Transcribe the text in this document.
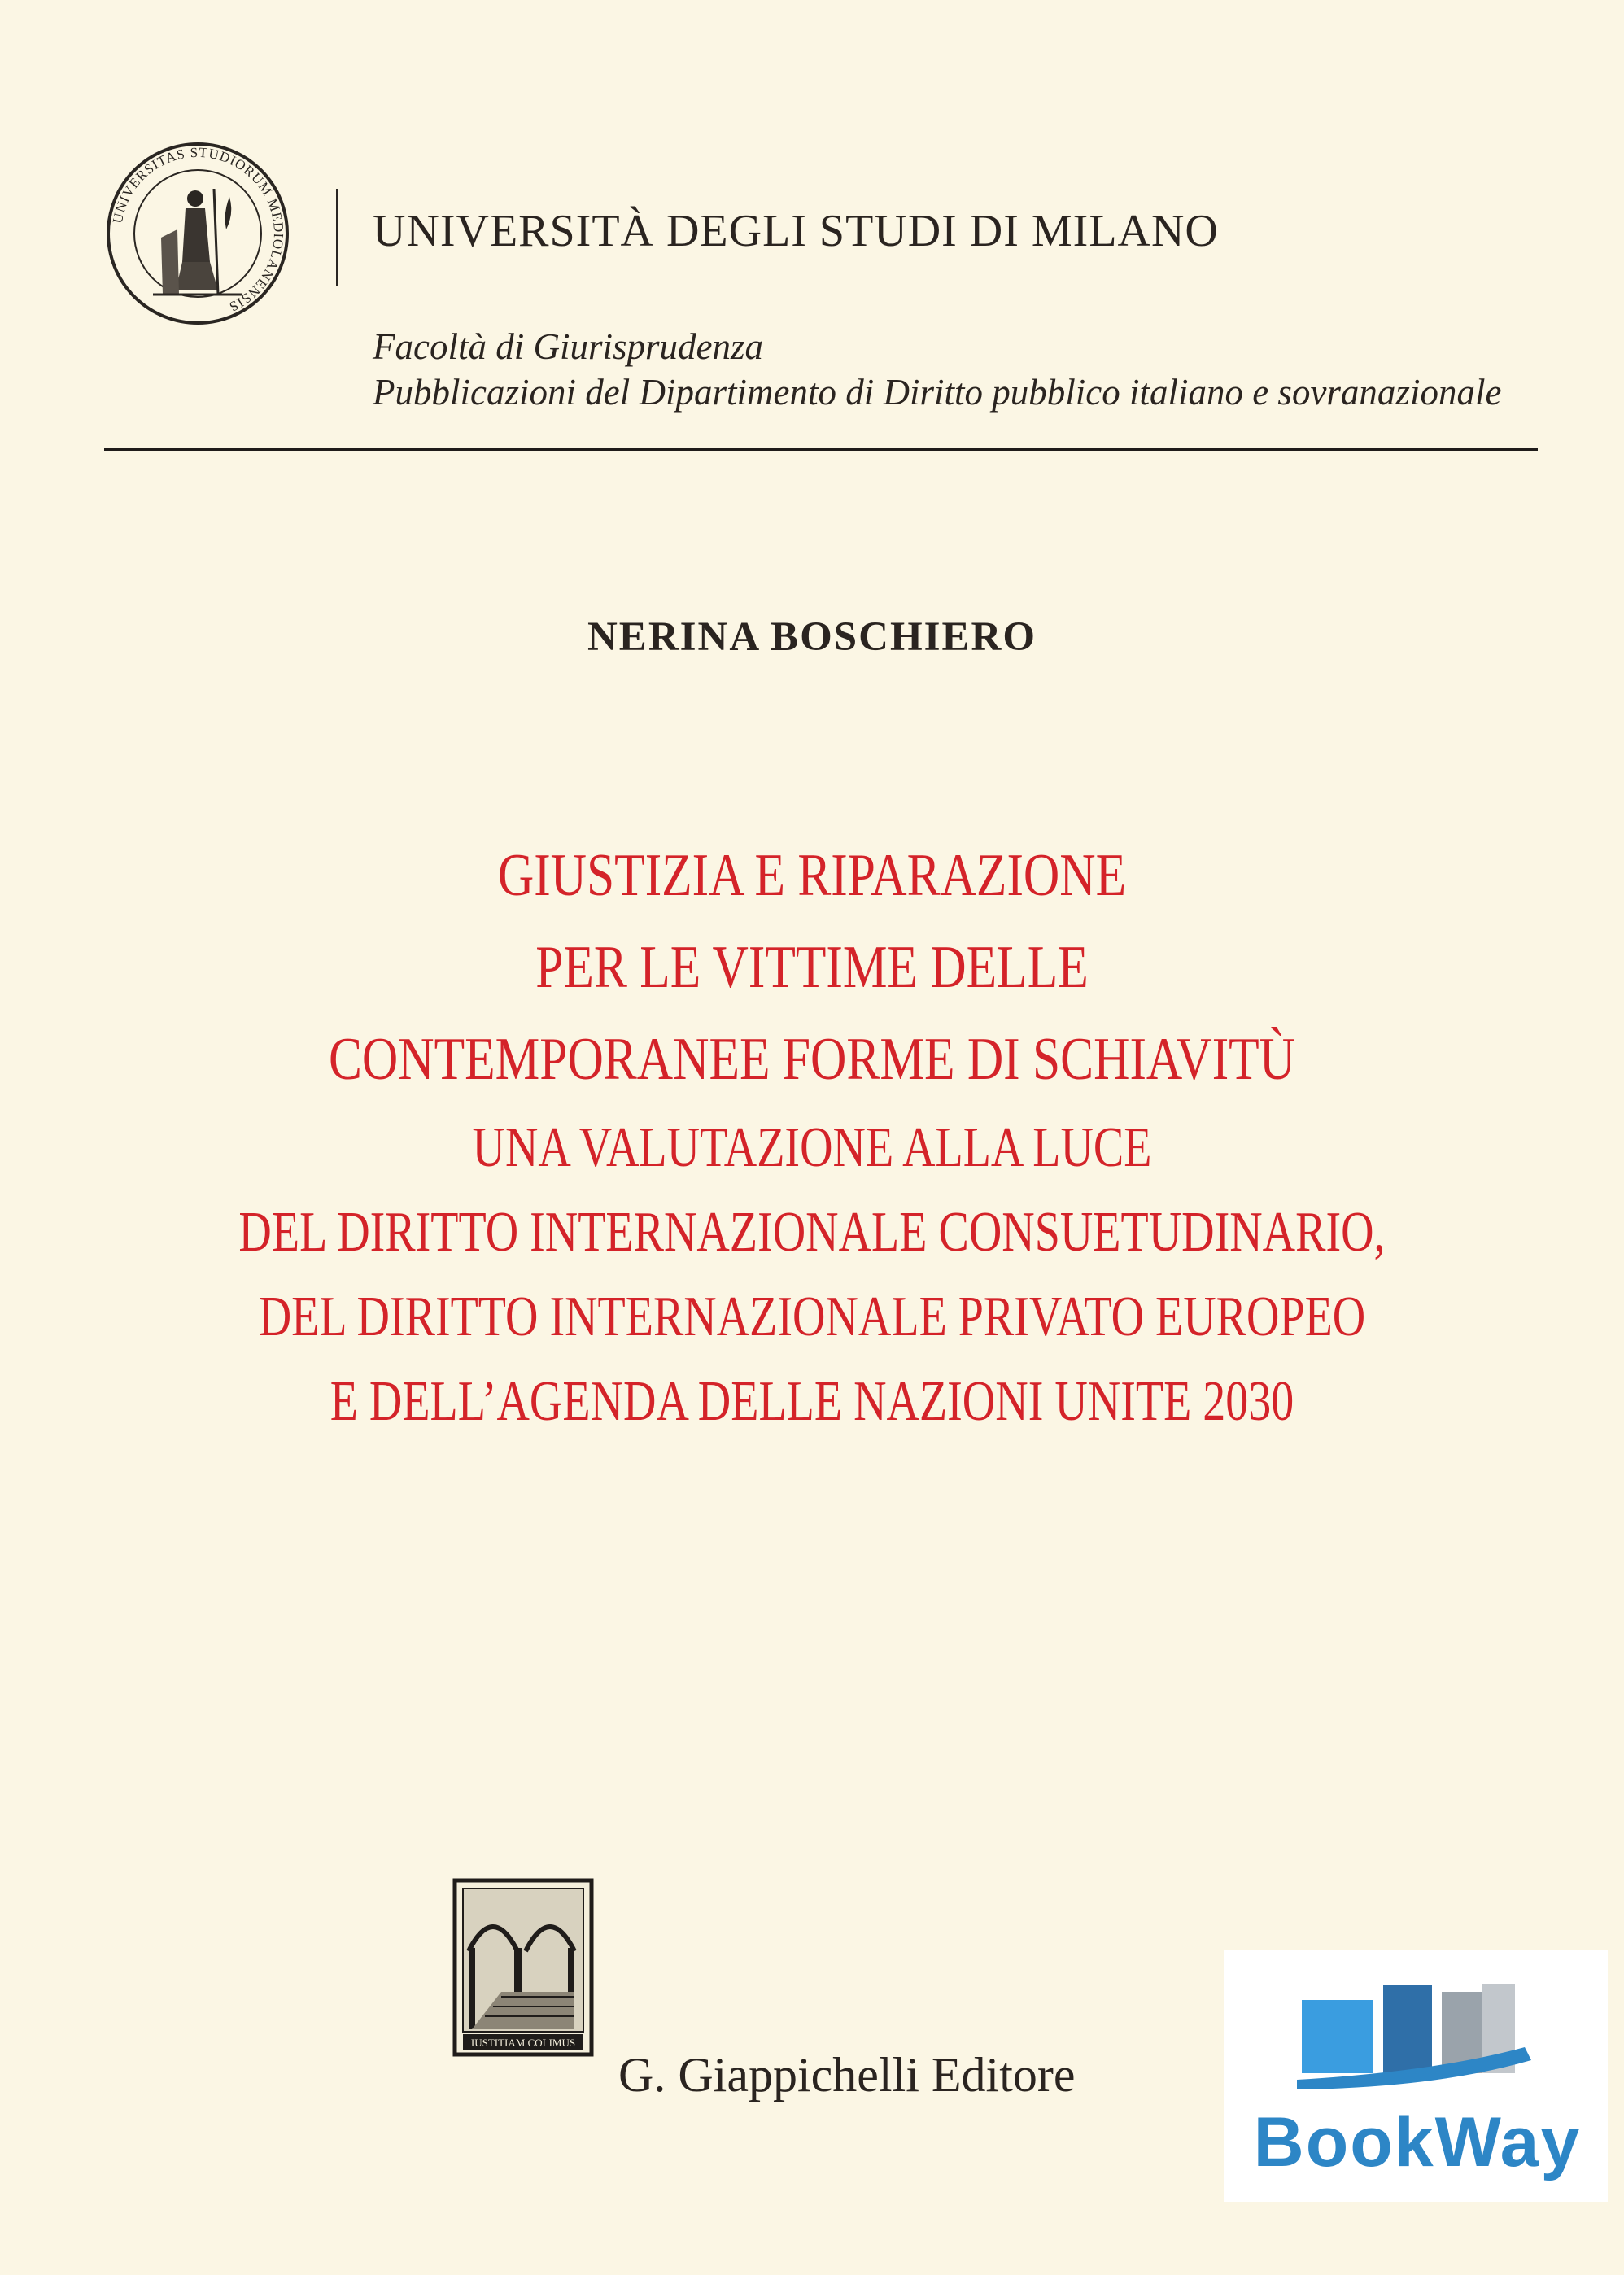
UNIVERSITAS STUDIORUM MEDIOLANENSIS
UNIVERSITÀ DEGLI STUDI DI MILANO
Facoltà di Giurisprudenza
Pubblicazioni del Dipartimento di Diritto pubblico italiano e sovranazionale
NERINA BOSCHIERO
GIUSTIZIA E RIPARAZIONE
PER LE VITTIME DELLE
CONTEMPORANEE FORME DI SCHIAVITÙ
UNA VALUTAZIONE ALLA LUCE
DEL DIRITTO INTERNAZIONALE CONSUETUDINARIO,
DEL DIRITTO INTERNAZIONALE PRIVATO EUROPEO
E DELL’AGENDA DELLE NAZIONI UNITE 2030
IUSTITIAM COLIMUS
G. Giappichelli Editore
BookWay
